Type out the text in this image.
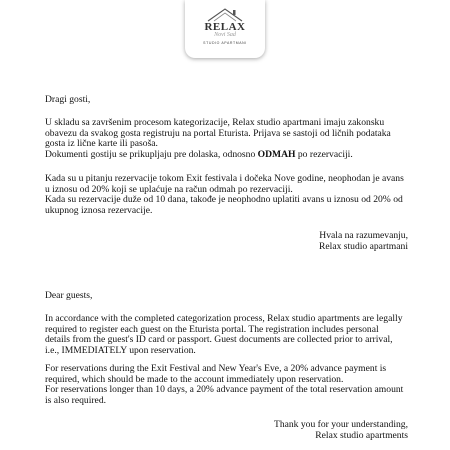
RELAX
Novi Sad
STUDIO APARTMANI
Dragi gosti,

U skladu sa završenim procesom kategorizacije, Relax studio apartmani imaju zakonsku

obavezu da svakog gosta registruju na portal Eturista. Prijava se sastoji od ličnih podataka

gosta iz lične karte ili pasoša.

Dokumenti gostiju se prikupljaju pre dolaska, odnosno ODMAH po rezervaciji.

Kada su u pitanju rezervacije tokom Exit festivala i dočeka Nove godine, neophodan je avans

u iznosu od 20% koji se uplaćuje na račun odmah po rezervaciji.

Kada su rezervacije duže od 10 dana, takođe je neophodno uplatiti avans u iznosu od 20% od

ukupnog iznosa rezervacije.

Hvala na razumevanju,

Relax studio apartmani

Dear guests,

In accordance with the completed categorization process, Relax studio apartments are legally

required to register each guest on the Eturista portal. The registration includes personal

details from the guest's ID card or passport. Guest documents are collected prior to arrival,

i.e., IMMEDIATELY upon reservation.

For reservations during the Exit Festival and New Year's Eve, a 20% advance payment is

required, which should be made to the account immediately upon reservation.

For reservations longer than 10 days, a 20% advance payment of the total reservation amount

is also required.

Thank you for your understanding,

Relax studio apartments
